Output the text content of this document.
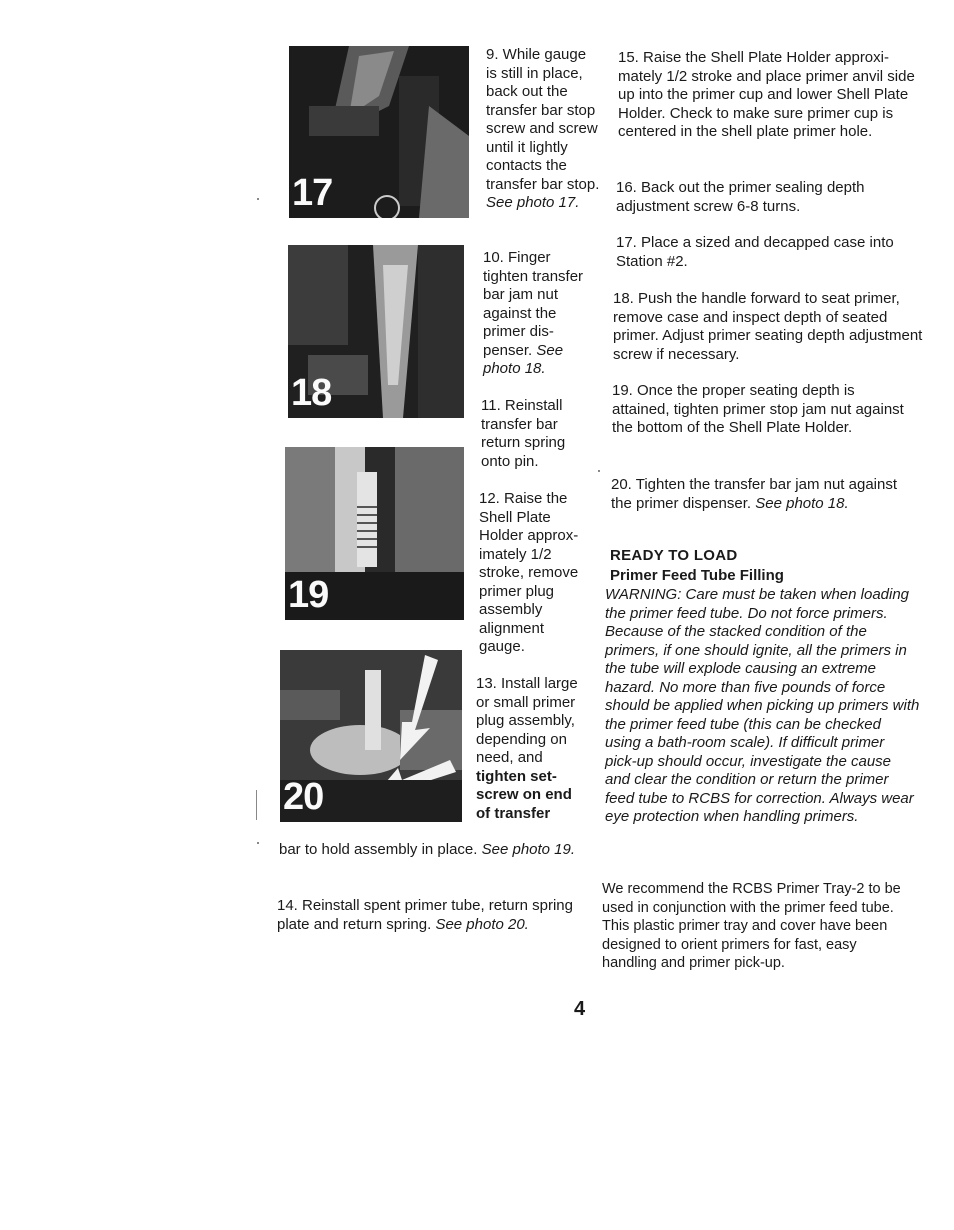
17
18
19
20

9. While gauge is still in place, back out the transfer bar stop screw and screw until it lightly contacts the transfer bar stop. See photo 17.

10. Finger tighten transfer bar jam nut against the primer dis-penser. See photo 18.

11. Reinstall transfer bar return spring onto pin.

12. Raise the Shell Plate Holder approx-imately 1/2 stroke, remove primer plug assembly alignment gauge.

13. Install large or small primer plug assembly, depending on need, and tighten set-screw on end of transfer

bar to hold assembly in place. See photo 19.

14. Reinstall spent primer tube, return spring plate and return spring. See photo 20.

15. Raise the Shell Plate Holder approxi-mately 1/2 stroke and place primer anvil side up into the primer cup and lower Shell Plate Holder. Check to make sure primer cup is centered in the shell plate primer hole.

16. Back out the primer sealing depth adjustment screw 6-8 turns.

17. Place a sized and decapped case into Station #2.

18. Push the handle forward to seat primer, remove case and inspect depth of seated primer. Adjust primer seating depth adjustment screw if necessary.

19. Once the proper seating depth is attained, tighten primer stop jam nut against the bottom of the Shell Plate Holder.

20. Tighten the transfer bar jam nut against the primer dispenser. See photo 18.

READY TO LOAD
Primer Feed Tube Filling

WARNING: Care must be taken when loading the primer feed tube. Do not force primers. Because of the stacked condition of the primers, if one should ignite, all the primers in the tube will explode causing an extreme hazard. No more than five pounds of force should be applied when picking up primers with the primer feed tube (this can be checked using a bath-room scale). If difficult primer pick-up should occur, investigate the cause and clear the condition or return the primer feed tube to RCBS for correction. Always wear eye protection when handling primers.

We recommend the RCBS Primer Tray-2 to be used in conjunction with the primer feed tube. This plastic primer tray and cover have been designed to orient primers for fast, easy handling and primer pick-up.

4
